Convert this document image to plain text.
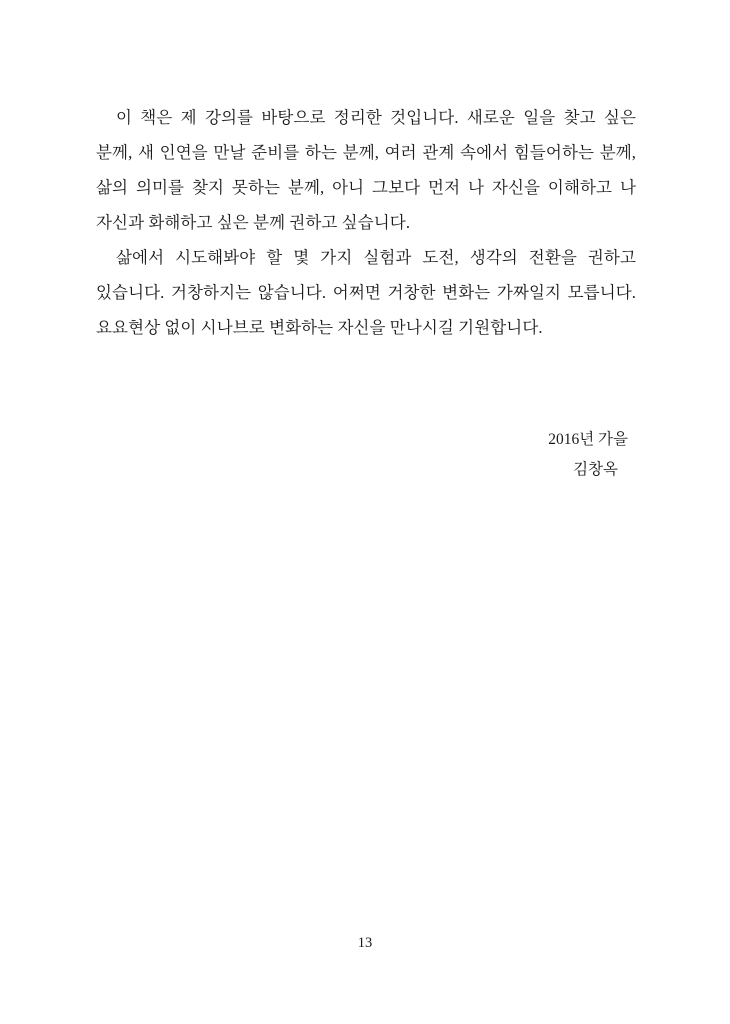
이 책은 제 강의를 바탕으로 정리한 것입니다. 새로운 일을 찾고 싶은 분께, 새 인연을 만날 준비를 하는 분께, 여러 관계 속에서 힘들어하는 분께, 삶의 의미를 찾지 못하는 분께, 아니 그보다 먼저 나 자신을 이해하고 나 자신과 화해하고 싶은 분께 권하고 싶습니다.

삶에서 시도해봐야 할 몇 가지 실험과 도전, 생각의 전환을 권하고 있습니다. 거창하지는 않습니다. 어쩌면 거창한 변화는 가짜일지 모릅니다. 요요현상 없이 시나브로 변화하는 자신을 만나시길 기원합니다.

2016년 가을
김창옥
13
